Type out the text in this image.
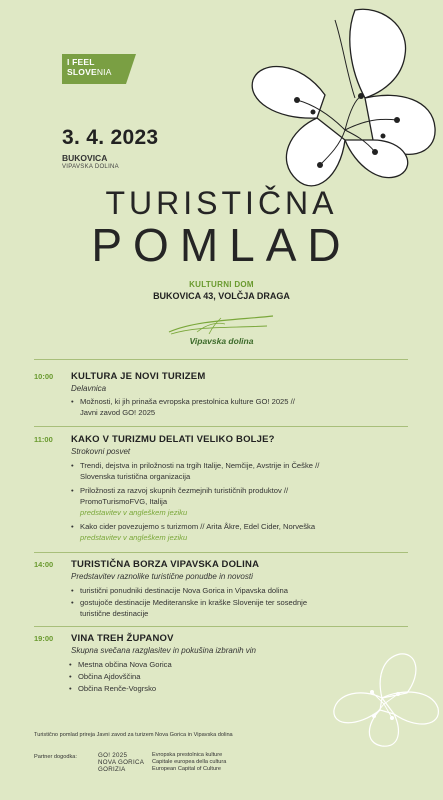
I FEEL
SLOVENIA
3. 4. 2023
BUKOVICA
VIPAVSKA DOLINA
TURISTIČNA
POMLAD
KULTURNI DOM
BUKOVICA 43, VOLČJA DRAGA
Vipavska dolina
10:00 KULTURA JE NOVI TURIZEM
Delavnica
• Možnosti, ki jih prinaša evropska prestolnica kulture GO! 2025 //
Javni zavod GO! 2025
11:00 KAKO V TURIZMU DELATI VELIKO BOLJE?
Strokovni posvet
• Trendi, dejstva in priložnosti na trgih Italije, Nemčije, Avstrije in Češke //
Slovenska turistična organizacija
• Priložnosti za razvoj skupnih čezmejnih turističnih produktov //
PromoTurismoFVG, Italija
predstavitev v angleškem jeziku
• Kako cider povezujemo s turizmom // Arita Åkre, Edel Cider, Norveška
predstavitev v angleškem jeziku
14:00 TURISTIČNA BORZA VIPAVSKA DOLINA
Predstavitev raznolike turistične ponudbe in novosti
• turistični ponudniki destinacije Nova Gorica in Vipavska dolina
• gostujoče destinacije Mediteranske in kraške Slovenije ter sosednje
turistične destinacije
19:00 VINA TREH ŽUPANOV
Skupna svečana razglasitev in pokušina izbranih vin
• Mestna občina Nova Gorica
• Občina Ajdovščina
• Občina Renče-Vogrsko
Turistično pomlad prireja Javni zavod za turizem Nova Gorica in Vipavska dolina
Partner dogodka:	GO! 2025
NOVA GORICA
GORIZIA
Evropska prestolnica kulture
Capitale europea della cultura
European Capital of Culture
